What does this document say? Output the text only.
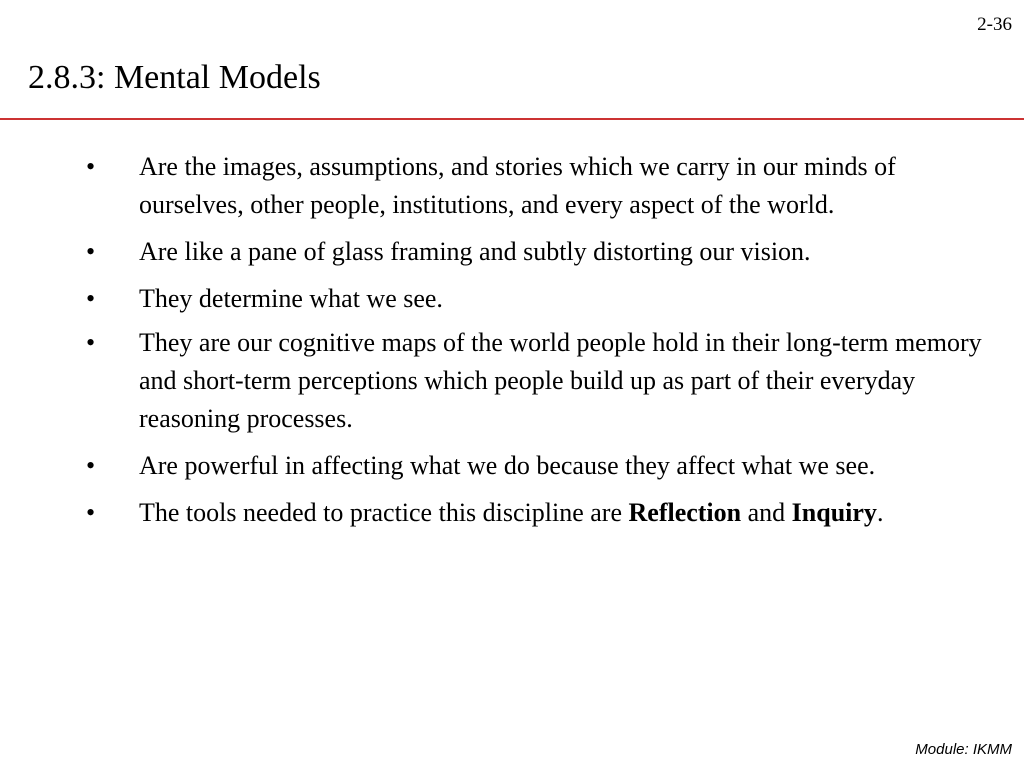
2-36
2.8.3: Mental Models
• Are the images, assumptions, and stories which we carry in our minds of ourselves, other people, institutions, and every aspect of the world.
• Are like a pane of glass framing and subtly distorting our vision.
• They determine what we see.
• They are our cognitive maps of the world people hold in their long-term memory and short-term perceptions which people build up as part of their everyday reasoning processes.
• Are powerful in affecting what we do because they affect what we see.
• The tools needed to practice this discipline are Reflection and Inquiry.
Module: IKMM
